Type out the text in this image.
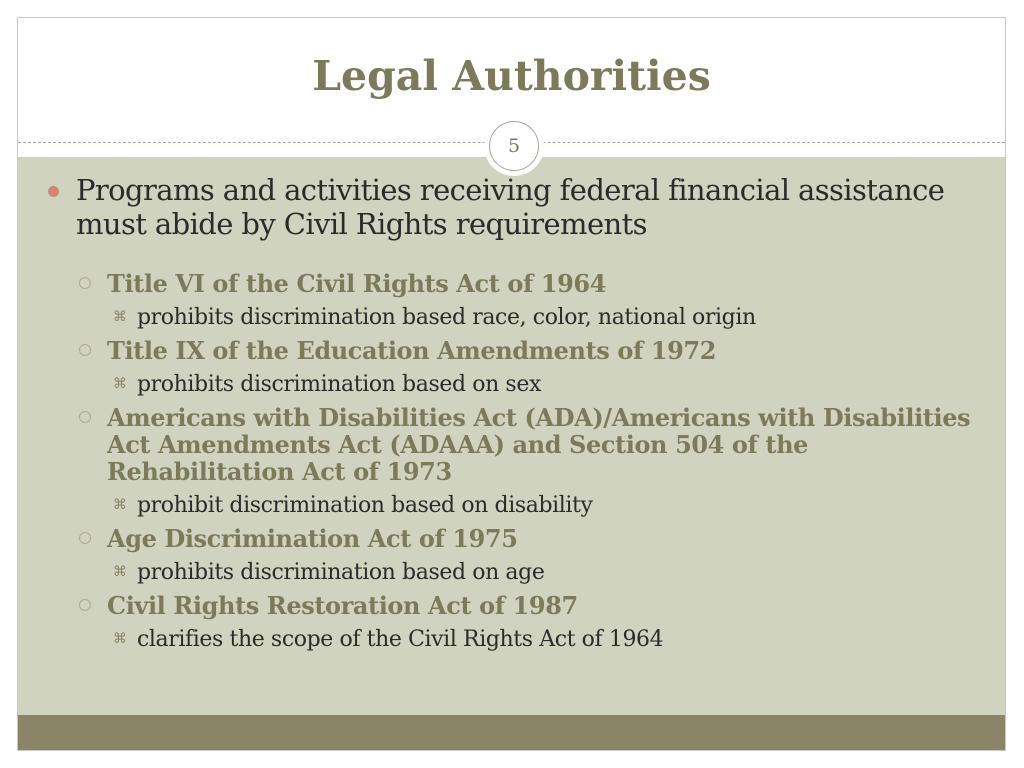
Legal Authorities
5
Programs and activities receiving federal financial assistance must abide by Civil Rights requirements
Title VI of the Civil Rights Act of 1964
⌘ prohibits discrimination based race, color, national origin
Title IX of the Education Amendments of 1972
⌘ prohibits discrimination based on sex
Americans with Disabilities Act (ADA)/Americans with Disabilities Act Amendments Act (ADAAA) and Section 504 of the Rehabilitation Act of 1973
⌘ prohibit discrimination based on disability
Age Discrimination Act of 1975
⌘ prohibits discrimination based on age
Civil Rights Restoration Act of 1987
⌘ clarifies the scope of the Civil Rights Act of 1964
